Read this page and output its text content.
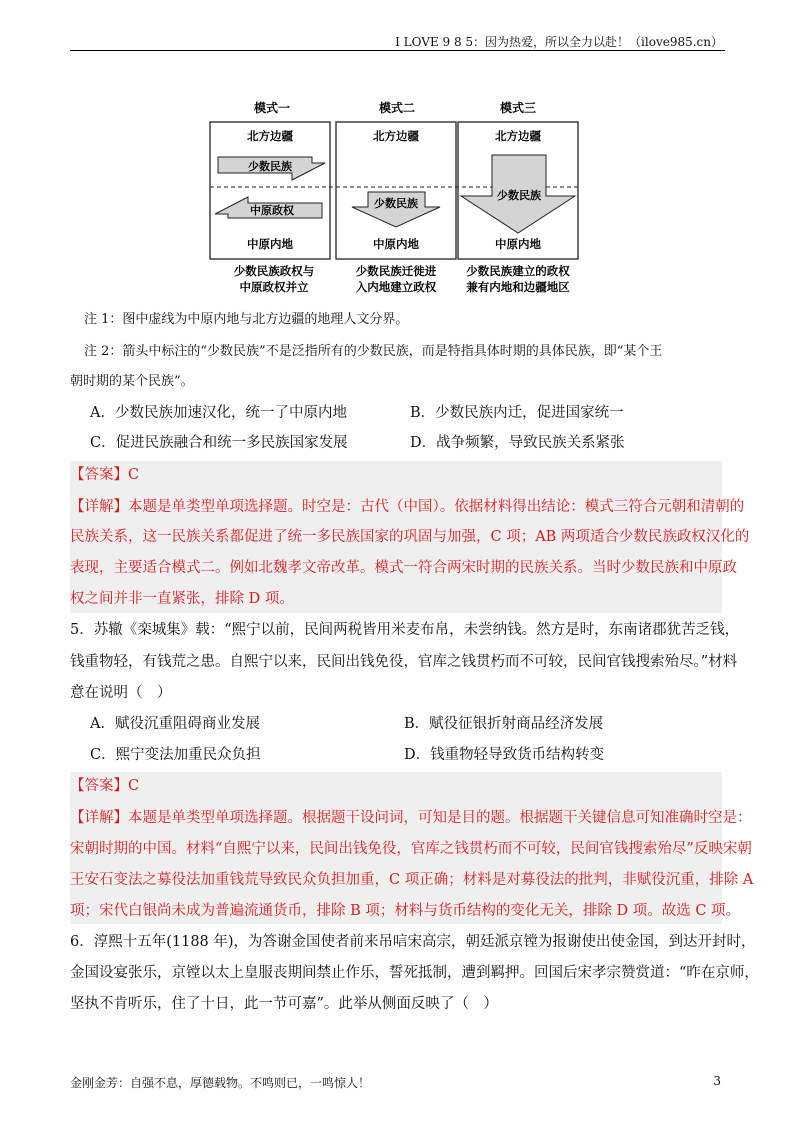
I LOVE 9 8 5：因为热爱，所以全力以赴！（ilove985.cn）
模式一	模式二	模式三
北方边疆	北方边疆	北方边疆
少数民族
中原政权
少数民族
少数民族
中原内地	中原内地	中原内地
少数民族政权与
中原政权并立
少数民族迁徙进
入内地建立政权
少数民族建立的政权
兼有内地和边疆地区
注 1：图中虚线为中原内地与北方边疆的地理人文分界。
注 2：箭头中标注的“少数民族”不是泛指所有的少数民族，而是特指具体时期的具体民族，即“某个王
朝时期的某个民族”。
A．少数民族加速汉化，统一了中原内地	B．少数民族内迁，促进国家统一
C．促进民族融合和统一多民族国家发展	D．战争频繁，导致民族关系紧张
【答案】C
【详解】本题是单类型单项选择题。时空是：古代（中国）。依据材料得出结论：模式三符合元朝和清朝的
民族关系，这一民族关系都促进了统一多民族国家的巩固与加强，C 项；AB 两项适合少数民族政权汉化的
表现，主要适合模式二。例如北魏孝文帝改革。模式一符合两宋时期的民族关系。当时少数民族和中原政
权之间并非一直紧张，排除 D 项。
5．苏辙《栾城集》载：“熙宁以前，民间两税皆用米麦布帛，未尝纳钱。然方是时，东南诸郡犹苦乏钱，
钱重物轻，有钱荒之患。自熙宁以来，民间出钱免役，官库之钱贯朽而不可较，民间官钱搜索殆尽。”材料
意在说明（　）
A．赋役沉重阻碍商业发展	B．赋役征银折射商品经济发展
C．熙宁变法加重民众负担	D．钱重物轻导致货币结构转变
【答案】C
【详解】本题是单类型单项选择题。根据题干设问词，可知是目的题。根据题干关键信息可知准确时空是：
宋朝时期的中国。材料“自熙宁以来，民间出钱免役，官库之钱贯朽而不可较，民间官钱搜索殆尽”反映宋朝
王安石变法之募役法加重钱荒导致民众负担加重，C 项正确；材料是对募役法的批判，非赋役沉重，排除 A
项；宋代白银尚未成为普遍流通货币，排除 B 项；材料与货币结构的变化无关，排除 D 项。故选 C 项。
6．淳熙十五年(1188 年)，为答谢金国使者前来吊唁宋高宗，朝廷派京镗为报谢使出使金国，到达开封时，
金国设宴张乐，京镗以太上皇服丧期间禁止作乐，誓死抵制，遭到羁押。回国后宋孝宗赞赏道：“昨在京师，
坚执不肯听乐，住了十日，此一节可嘉”。此举从侧面反映了（　）
金刚金芳：自强不息，厚德载物。不鸣则已，一鸣惊人！	3
